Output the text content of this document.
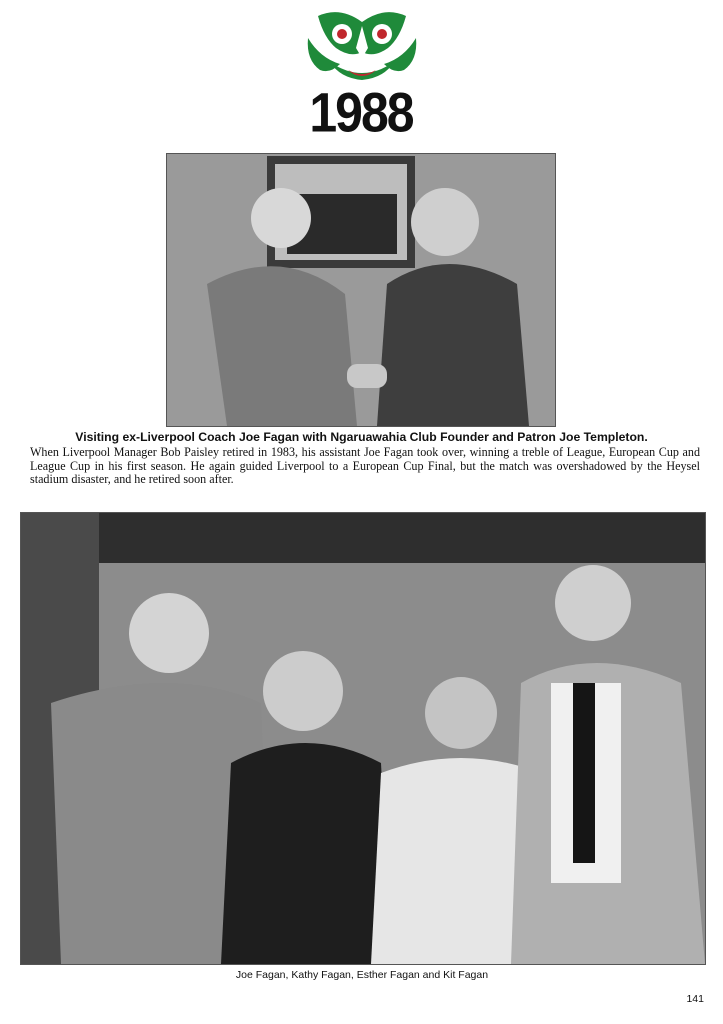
1988
Visiting ex-Liverpool Coach Joe Fagan with Ngaruawahia Club Founder and Patron Joe Templeton.
When Liverpool Manager Bob Paisley retired in 1983, his assistant Joe Fagan took over, winning a treble of League, European Cup and League Cup in his first season. He again guided Liverpool to a European Cup Final, but the match was overshadowed by the Heysel stadium disaster, and he retired soon after.
Joe Fagan, Kathy Fagan, Esther Fagan and Kit Fagan
141
